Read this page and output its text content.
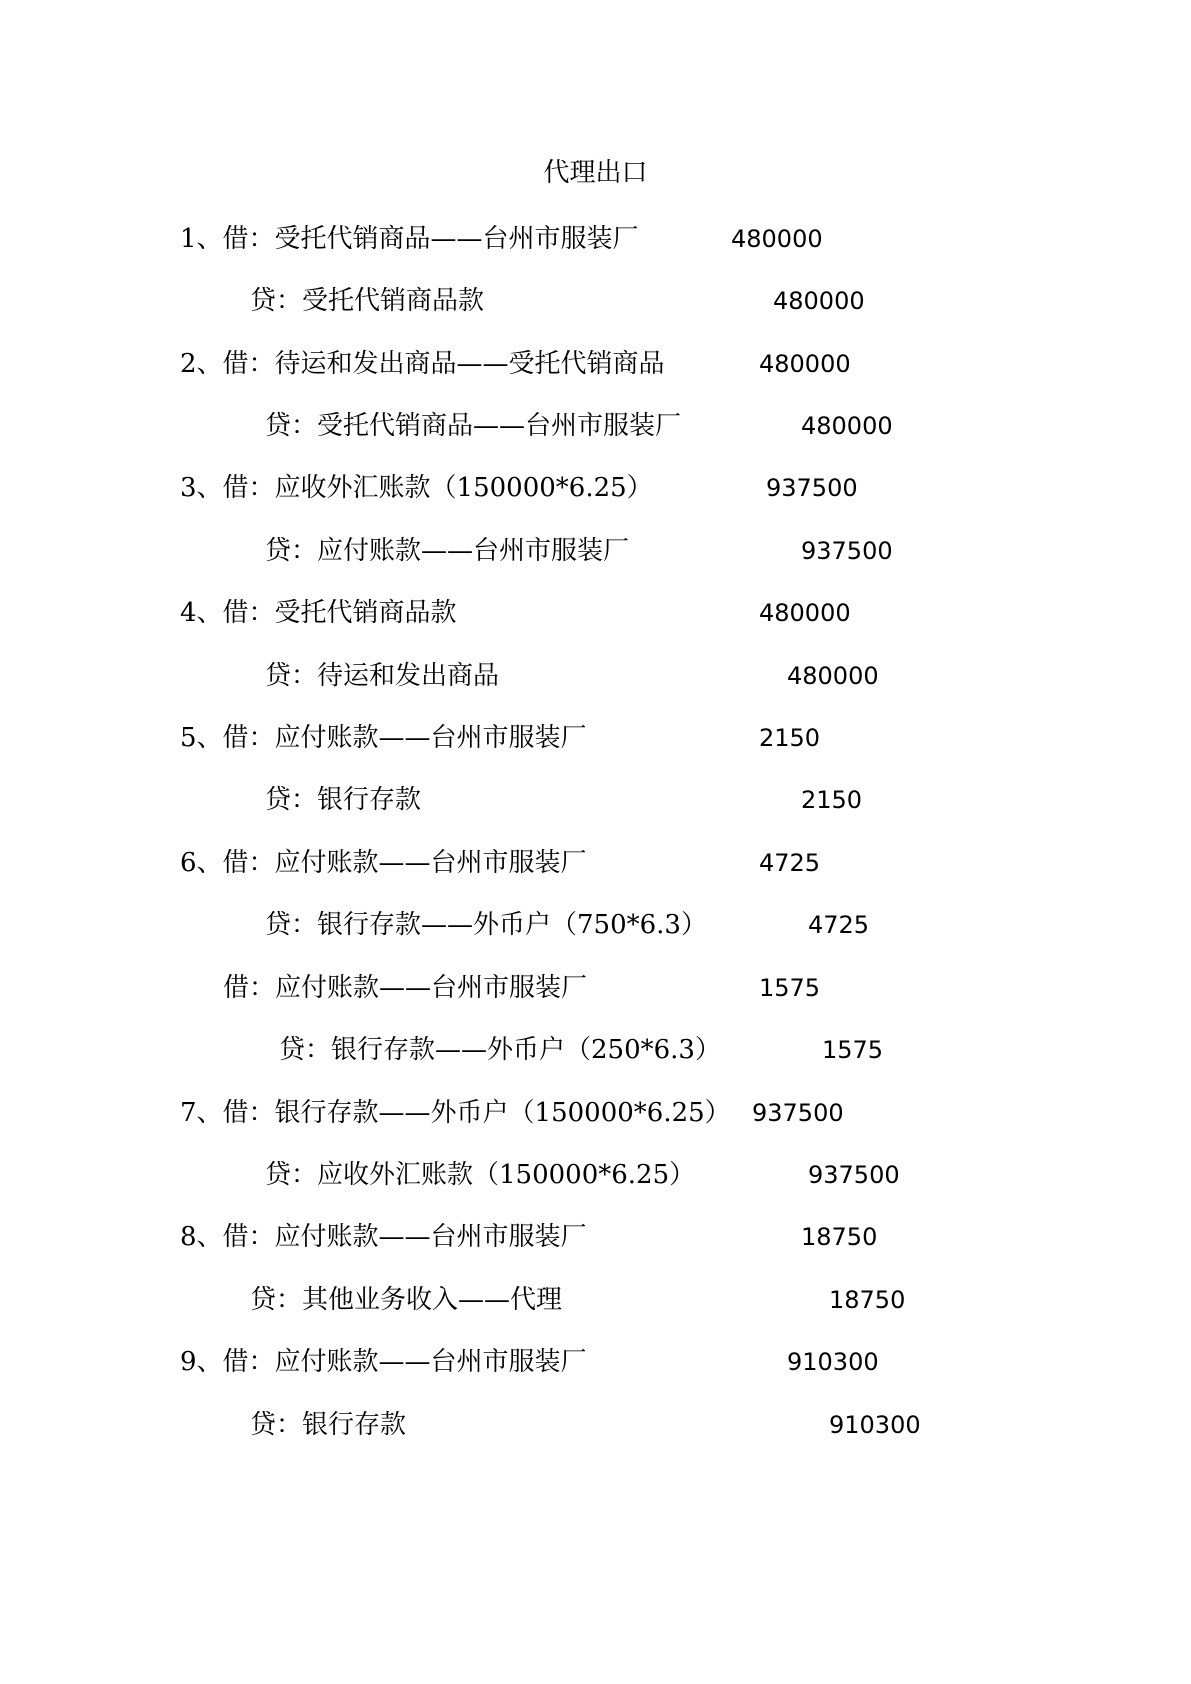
代理出口
1、借：受托代销商品——台州市服装厂	480000
贷：受托代销商品款	480000
2、借：待运和发出商品——受托代销商品	480000
贷：受托代销商品——台州市服装厂	480000
3、借：应收外汇账款（150000*6.25）	937500
贷：应付账款——台州市服装厂	937500
4、借：受托代销商品款	480000
贷：待运和发出商品	480000
5、借：应付账款——台州市服装厂	2150
贷：银行存款	2150
6、借：应付账款——台州市服装厂	4725
贷：银行存款——外币户（750*6.3）	4725
借：应付账款——台州市服装厂	1575
贷：银行存款——外币户（250*6.3）	1575
7、借：银行存款——外币户（150000*6.25） 937500
贷：应收外汇账款（150000*6.25）	937500
8、借：应付账款——台州市服装厂	18750
贷：其他业务收入——代理	18750
9、借：应付账款——台州市服装厂	910300
贷：银行存款	910300
